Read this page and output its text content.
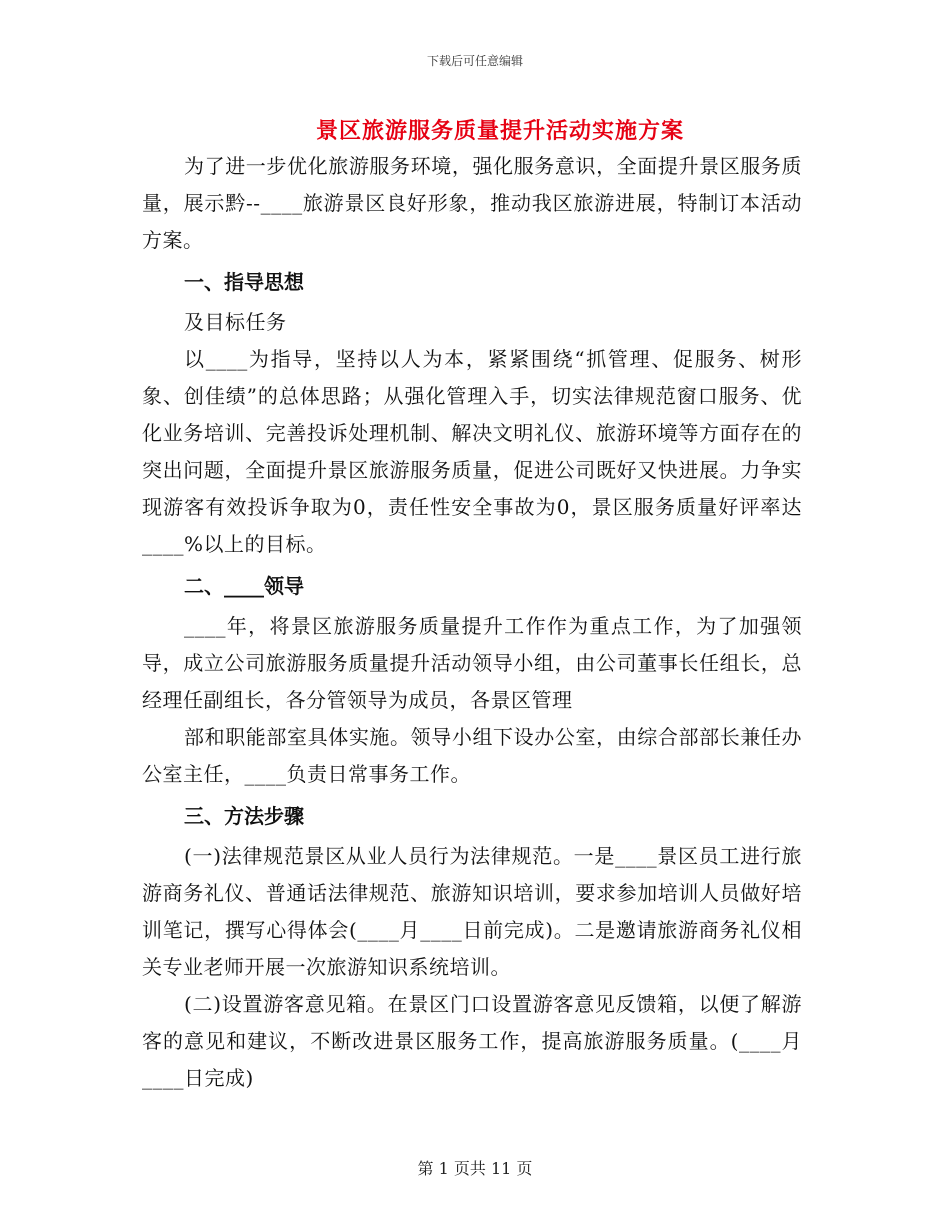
下载后可任意编辑
景区旅游服务质量提升活动实施方案

为了进一步优化旅游服务环境，强化服务意识，全面提升景区服务质量，展示黔--____旅游景区良好形象，推动我区旅游进展，特制订本活动方案。

一、指导思想

及目标任务

以____为指导，坚持以人为本，紧紧围绕“抓管理、促服务、树形象、创佳绩”的总体思路；从强化管理入手，切实法律规范窗口服务、优化业务培训、完善投诉处理机制、解决文明礼仪、旅游环境等方面存在的突出问题，全面提升景区旅游服务质量，促进公司既好又快进展。力争实现游客有效投诉争取为0，责任性安全事故为0，景区服务质量好评率达____%以上的目标。

二、____领导

____年，将景区旅游服务质量提升工作作为重点工作，为了加强领导，成立公司旅游服务质量提升活动领导小组，由公司董事长任组长，总经理任副组长，各分管领导为成员，各景区管理

部和职能部室具体实施。领导小组下设办公室，由综合部部长兼任办公室主任，____负责日常事务工作。

三、方法步骤

(一)法律规范景区从业人员行为法律规范。一是____景区员工进行旅游商务礼仪、普通话法律规范、旅游知识培训，要求参加培训人员做好培训笔记，撰写心得体会(____月____日前完成)。二是邀请旅游商务礼仪相关专业老师开展一次旅游知识系统培训。

(二)设置游客意见箱。在景区门口设置游客意见反馈箱，以便了解游客的意见和建议，不断改进景区服务工作，提高旅游服务质量。(____月____日完成)

第 1 页共 11 页
